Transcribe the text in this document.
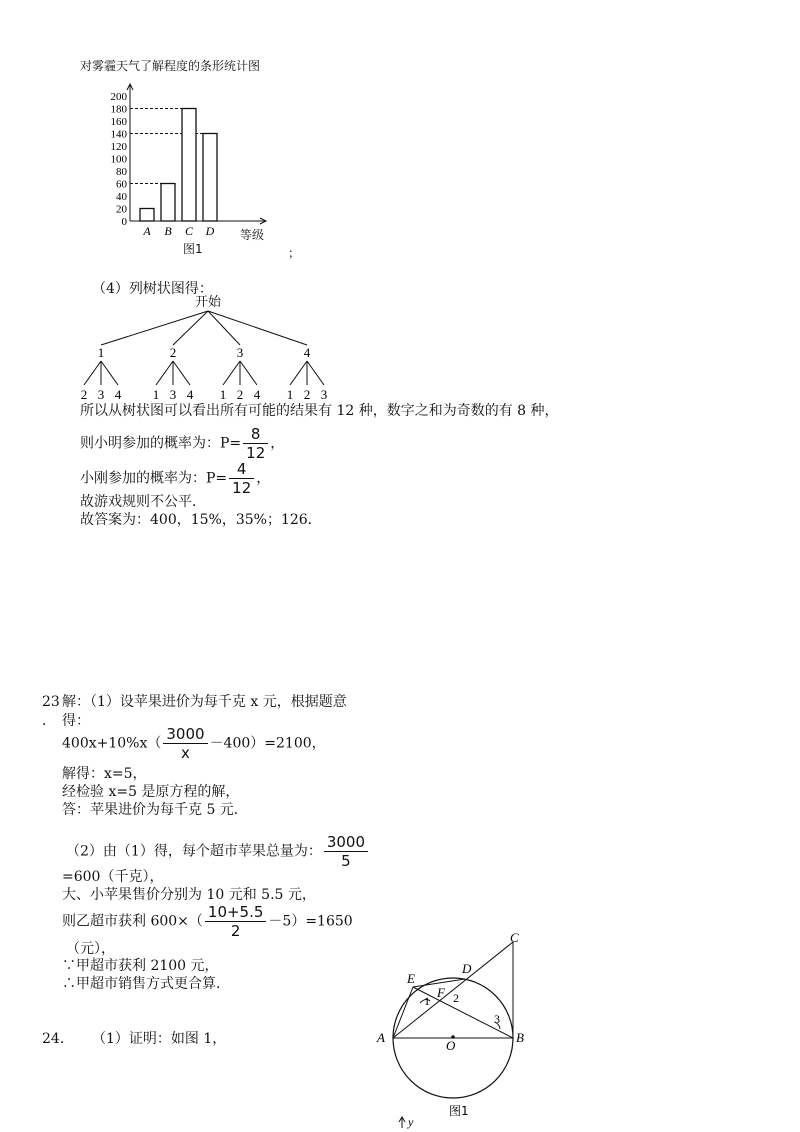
对雾霾天气了解程度的条形统计图
0
20
40
60
80
100
120
140
160
180
200
A B C D 等级
图1	；
（4）列树状图得：
开始
1
2 3 4
2
1 3 4
3
1 2 4
4
1 2 3
所以从树状图可以看出所有可能的结果有 12 种，数字之和为奇数的有 8 种，
则小明参加的概率为：$P= \frac{8}{12}$ ，
小刚参加的概率为：$P= \frac{4}{12}$ ，
故游戏规则不公平．
故答案为：400，15%，35%；126．
23 解：（1）设苹果进价为每千克 x 元，根据题意
． 得：
$400x+10\%x( \frac{3000}{x} -400)=2100$，
解得：x=5，
经检验 x=5 是原方程的解，
答：苹果进价为每千克 5 元．
（2）由（1）得，每个超市苹果总量为： $\frac{3000}{5}$
=600（千克），
大、小苹果售价分别为 10 元和 5.5 元，
则乙超市获利 $600\times( \frac{10+5.5}{2} -5)=1650$
（元），
∵甲超市获利 2100 元，
∴甲超市销售方式更合算．
24． （1）证明：如图 1，	A	B
C
D
E
F
O
1 2
3
图1
y
